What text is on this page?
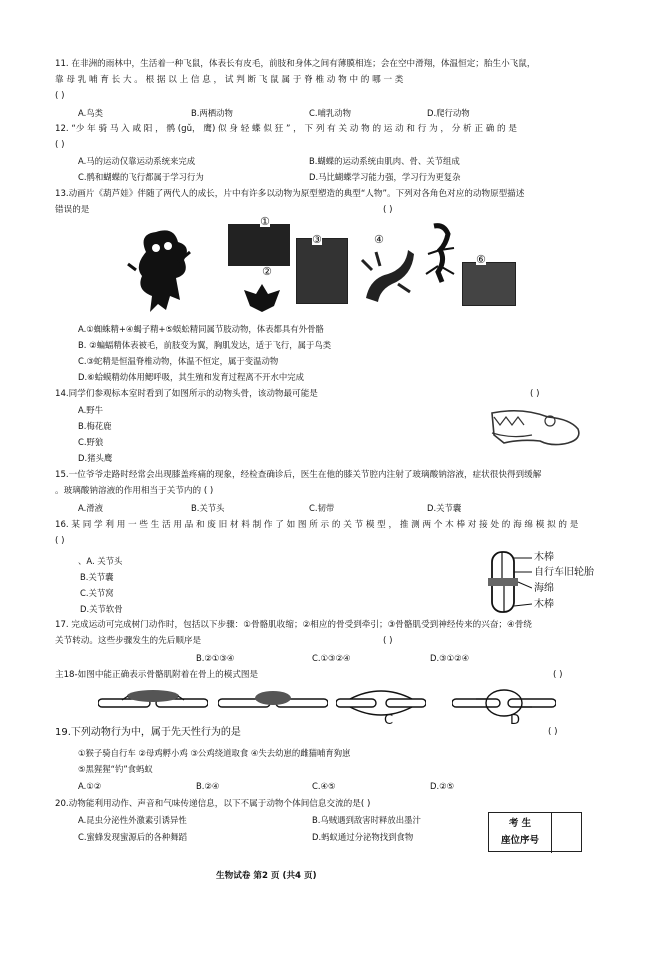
11. 在非洲的雨林中，生活着一种飞鼠，体表长有皮毛，前肢和身体之间有薄膜相连；会在空中滑翔，体温恒定；胎生小飞鼠，
靠 母 乳 哺 育 长 大 。 根 据 以 上 信 息 ， 试 判 断 飞 鼠 属 于 脊 椎 动 物 中 的 哪 一 类
( )
A.鸟类	B.两栖动物	C.哺乳动物	D.爬行动物
12. “少 年 骑 马 入 咸 阳 ， 鹘 (gǔ， 鹰) 似 身 轻 蝶 似 狂 ” ， 下 列 有 关 动 物 的 运 动 和 行 为 ， 分 析 正 确 的 是
( )
A.马的运动仅靠运动系统来完成	B.蝴蝶的运动系统由肌肉、骨、关节组成
C.鹘和蝴蝶的飞行都属于学习行为	D.马比蝴蝶学习能力强，学习行为更复杂
13.动画片《葫芦娃》伴随了两代人的成长，片中有许多以动物为原型塑造的典型“人物”。下列对各角色对应的动物原型描述
错误的是	( )
①
②
③	④
⑥
A.①蜘蛛精+④蝎子精+⑤蜈蚣精同属节肢动物，体表都具有外骨骼
B. ②蝙蝠精体表被毛，前肢变为翼，胸肌发达，适于飞行，属于鸟类
C.③蛇精是恒温脊椎动物，体温不恒定，属于变温动物
D.⑥蛤蟆精幼体用鳃呼吸，其生殖和发育过程离不开水中完成
14.同学们参观标本室时看到了如图所示的动物头骨，该动物最可能是	( )
A.野牛
B.梅花鹿
C.野狼
D.猪头鹰
15.一位爷爷走路时经常会出现膝盖疼痛的现象，经检查确诊后，医生在他的膝关节腔内注射了玻璃酸钠溶液，症状很快得到缓解
。玻璃酸钠溶液的作用相当于关节内的 ( )
A.滑液	B.关节头	C.韧带	D.关节囊
16. 某 同 学 利 用 一 些 生 活 用 品 和 废 旧 材 料 制 作 了 如 图 所 示 的 关 节 模 型 ， 推 测 两 个 木 棒 对 接 处 的 海 绵 模 拟 的 是
( )
、A. 关节头
B.关节囊
C.关节窝
D.关节软骨
木棒
自行车旧轮胎
海绵
木棒
17. 完成运动可完成树门动作时，包括以下步骤：①骨骼肌收缩；②相应的骨受到牵引；③骨骼肌受到神经传来的兴奋；④骨绕
关节转动。这些步骤发生的先后顺序是	( )
B.②①③④	C.①③②④	D.③①②④
主18-如图中能正确表示骨骼肌附着在骨上的模式图是	( )
C	D
19.下列动物行为中，属于先天性行为的是	( )
①猴子骑自行车 ②母鸡孵小鸡 ③公鸡绕道取食 ④失去幼崽的雌猫哺育狗崽
⑤黑猩猩“钓”食蚂蚁
A.①②	B.②④	C.④⑤	D.②⑤
20.动物能利用动作、声音和气味传递信息，以下不属于动物个体间信息交流的是( )
A.昆虫分泌性外激素引诱异性	B.乌贼遇到敌害时释放出墨汁
C.蜜蜂发现蜜源后的各种舞蹈	D.蚂蚁通过分泌物找到食物
考 生
座位序号
生物试卷 第2 页 (共4 页)
